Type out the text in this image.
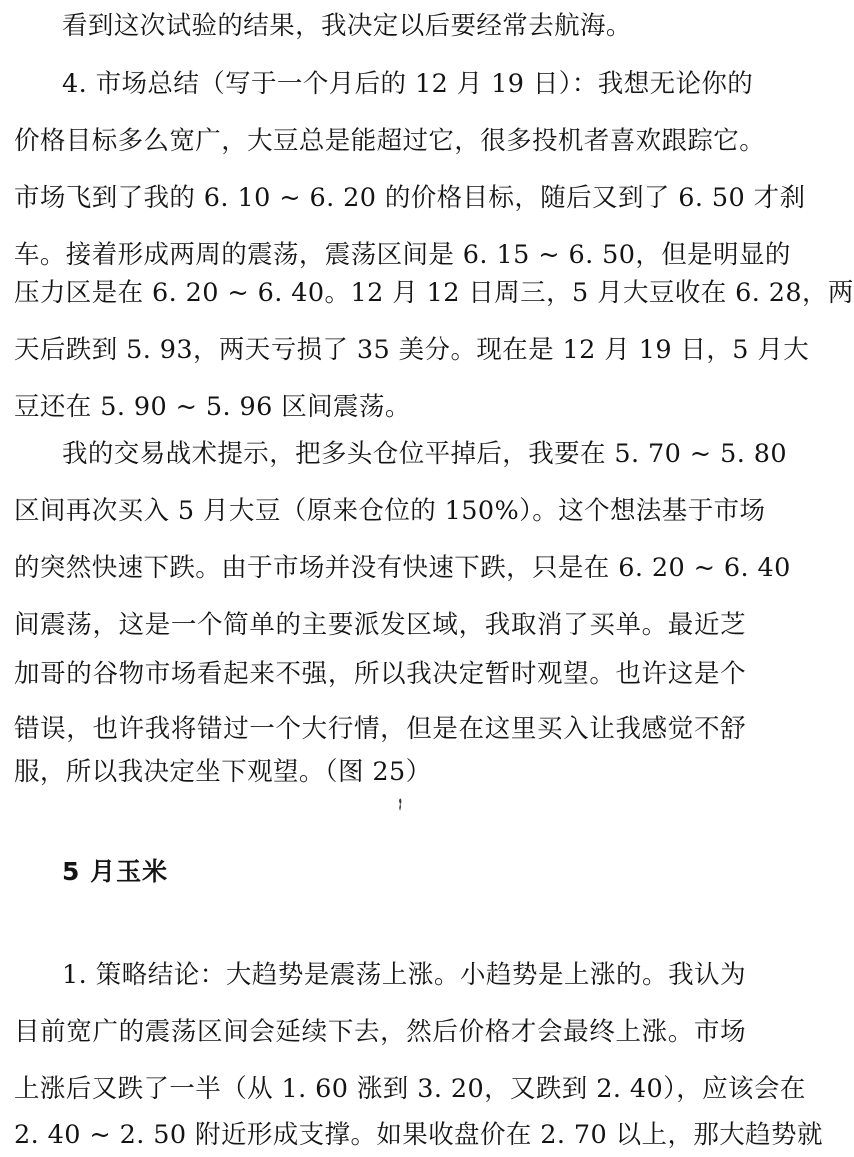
看到这次试验的结果，我决定以后要经常去航海。
4. 市场总结（写于一个月后的 12 月 19 日）：我想无论你的
价格目标多么宽广，大豆总是能超过它，很多投机者喜欢跟踪它。
市场飞到了我的 6. 10 ~ 6. 20 的价格目标，随后又到了 6. 50 才刹
车。接着形成两周的震荡，震荡区间是 6. 15 ~ 6. 50，但是明显的
压力区是在 6. 20 ~ 6. 40。12 月 12 日周三，5 月大豆收在 6. 28，两
天后跌到 5. 93，两天亏损了 35 美分。现在是 12 月 19 日，5 月大
豆还在 5. 90 ~ 5. 96 区间震荡。
我的交易战术提示，把多头仓位平掉后，我要在 5. 70 ~ 5. 80
区间再次买入 5 月大豆（原来仓位的 150%）。这个想法基于市场
的突然快速下跌。由于市场并没有快速下跌，只是在 6. 20 ~ 6. 40
间震荡，这是一个简单的主要派发区域，我取消了买单。最近芝
加哥的谷物市场看起来不强，所以我决定暂时观望。也许这是个
错误，也许我将错过一个大行情，但是在这里买入让我感觉不舒
服，所以我决定坐下观望。（图 25）
5 月玉米
1. 策略结论：大趋势是震荡上涨。小趋势是上涨的。我认为
目前宽广的震荡区间会延续下去，然后价格才会最终上涨。市场
上涨后又跌了一半（从 1. 60 涨到 3. 20，又跌到 2. 40），应该会在
2. 40 ~ 2. 50 附近形成支撑。如果收盘价在 2. 70 以上，那大趋势就
